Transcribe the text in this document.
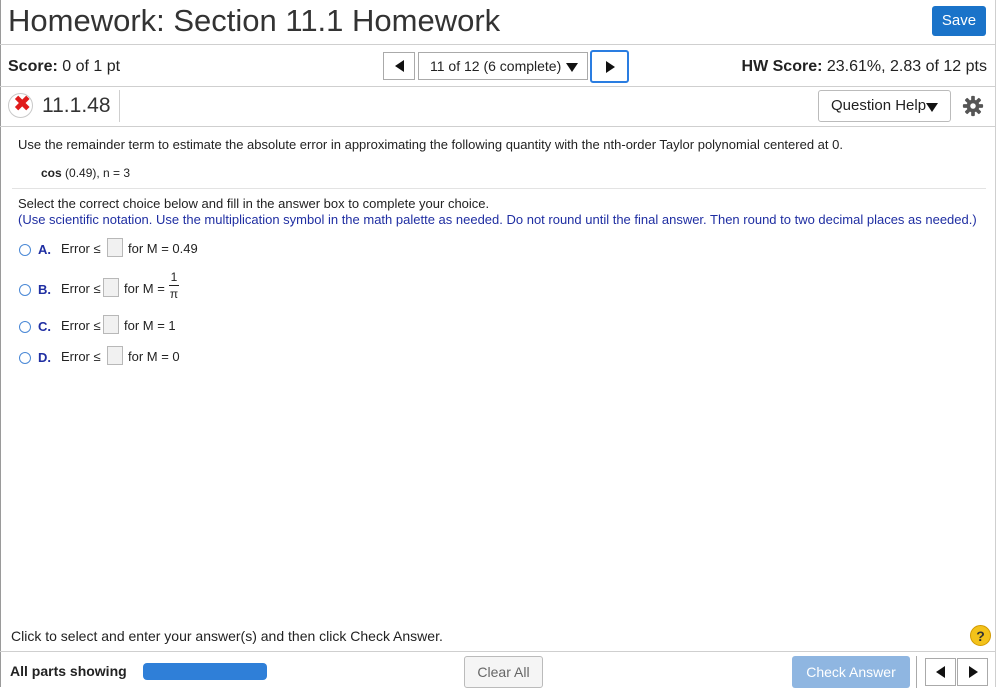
Homework: Section 11.1 Homework	Save
Score: 0 of 1 pt	11 of 12 (6 complete)	HW Score: 23.61%, 2.83 of 12 pts
✖ 11.1.48	Question Help
Use the remainder term to estimate the absolute error in approximating the following quantity with the nth-order Taylor polynomial centered at 0.
cos (0.49), n = 3
Select the correct choice below and fill in the answer box to complete your choice.
(Use scientific notation. Use the multiplication symbol in the math palette as needed. Do not round until the final answer. Then round to two decimal places as needed.)
A. Error ≤ for M = 0.49
B. Error ≤ for M =
1
π
C. Error ≤ for M = 1
D. Error ≤ for M = 0
Click to select and enter your answer(s) and then click Check Answer.	?
All parts showing	Clear All	Check Answer
